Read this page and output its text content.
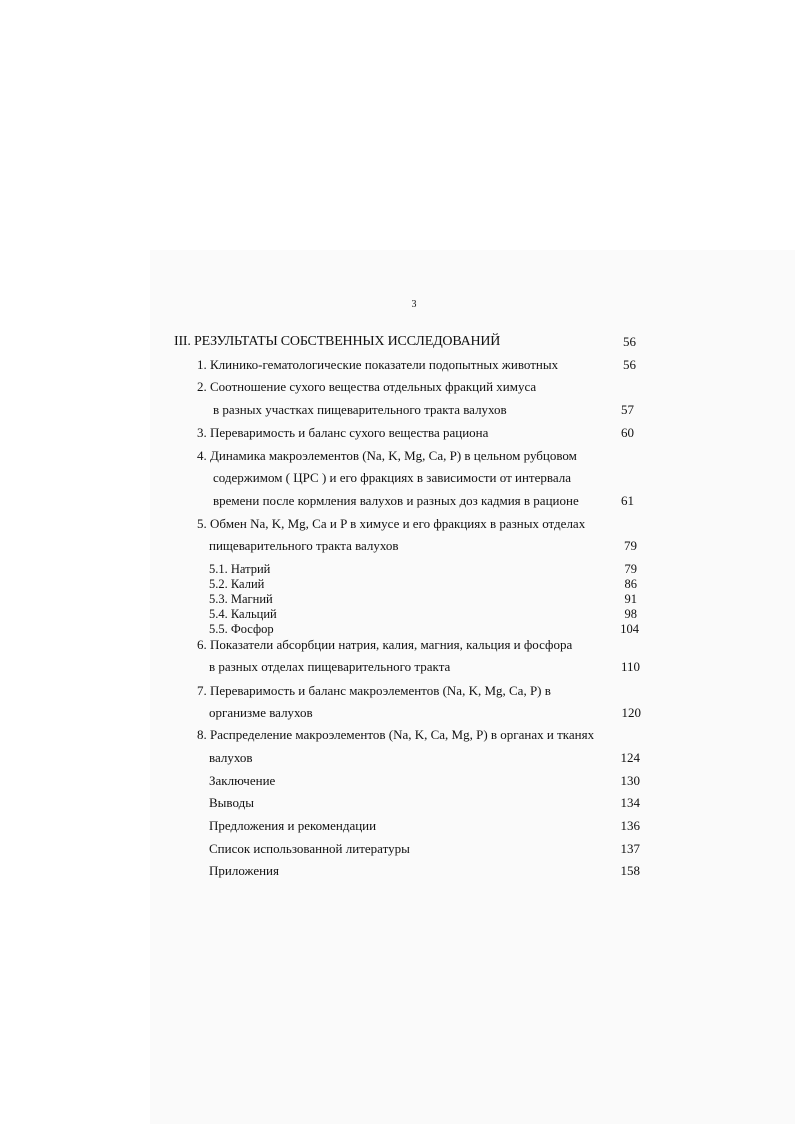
3
III. РЕЗУЛЬТАТЫ СОБСТВЕННЫХ ИССЛЕДОВАНИЙ	56
1. Клинико-гематологические показатели подопытных животных	56
2. Соотношение сухого вещества отдельных фракций химуса
в разных участках пищеварительного тракта валухов	57
3. Переваримость и баланс сухого вещества рациона	60
4. Динамика макроэлементов (Na, K, Mg, Ca, P) в цельном рубцовом
содержимом ( ЦРС ) и его фракциях в зависимости от интервала
времени после кормления валухов и разных доз кадмия в рационе	61
5. Обмен Na, K, Mg, Ca и P в химусе и его фракциях в разных отделах
пищеварительного тракта валухов	79
5.1. Натрий	79
5.2. Калий	86
5.3. Магний	91
5.4. Кальций	98
5.5. Фосфор	104
6. Показатели абсорбции натрия, калия, магния, кальция и фосфора
в разных отделах пищеварительного тракта	110
7. Переваримость и баланс макроэлементов (Na, K, Mg, Ca, P) в
организме валухов	120
8. Распределение макроэлементов (Na, K, Ca, Mg, P) в органах и тканях
валухов	124
Заключение	130
Выводы	134
Предложения и рекомендации	136
Список использованной литературы	137
Приложения	158
